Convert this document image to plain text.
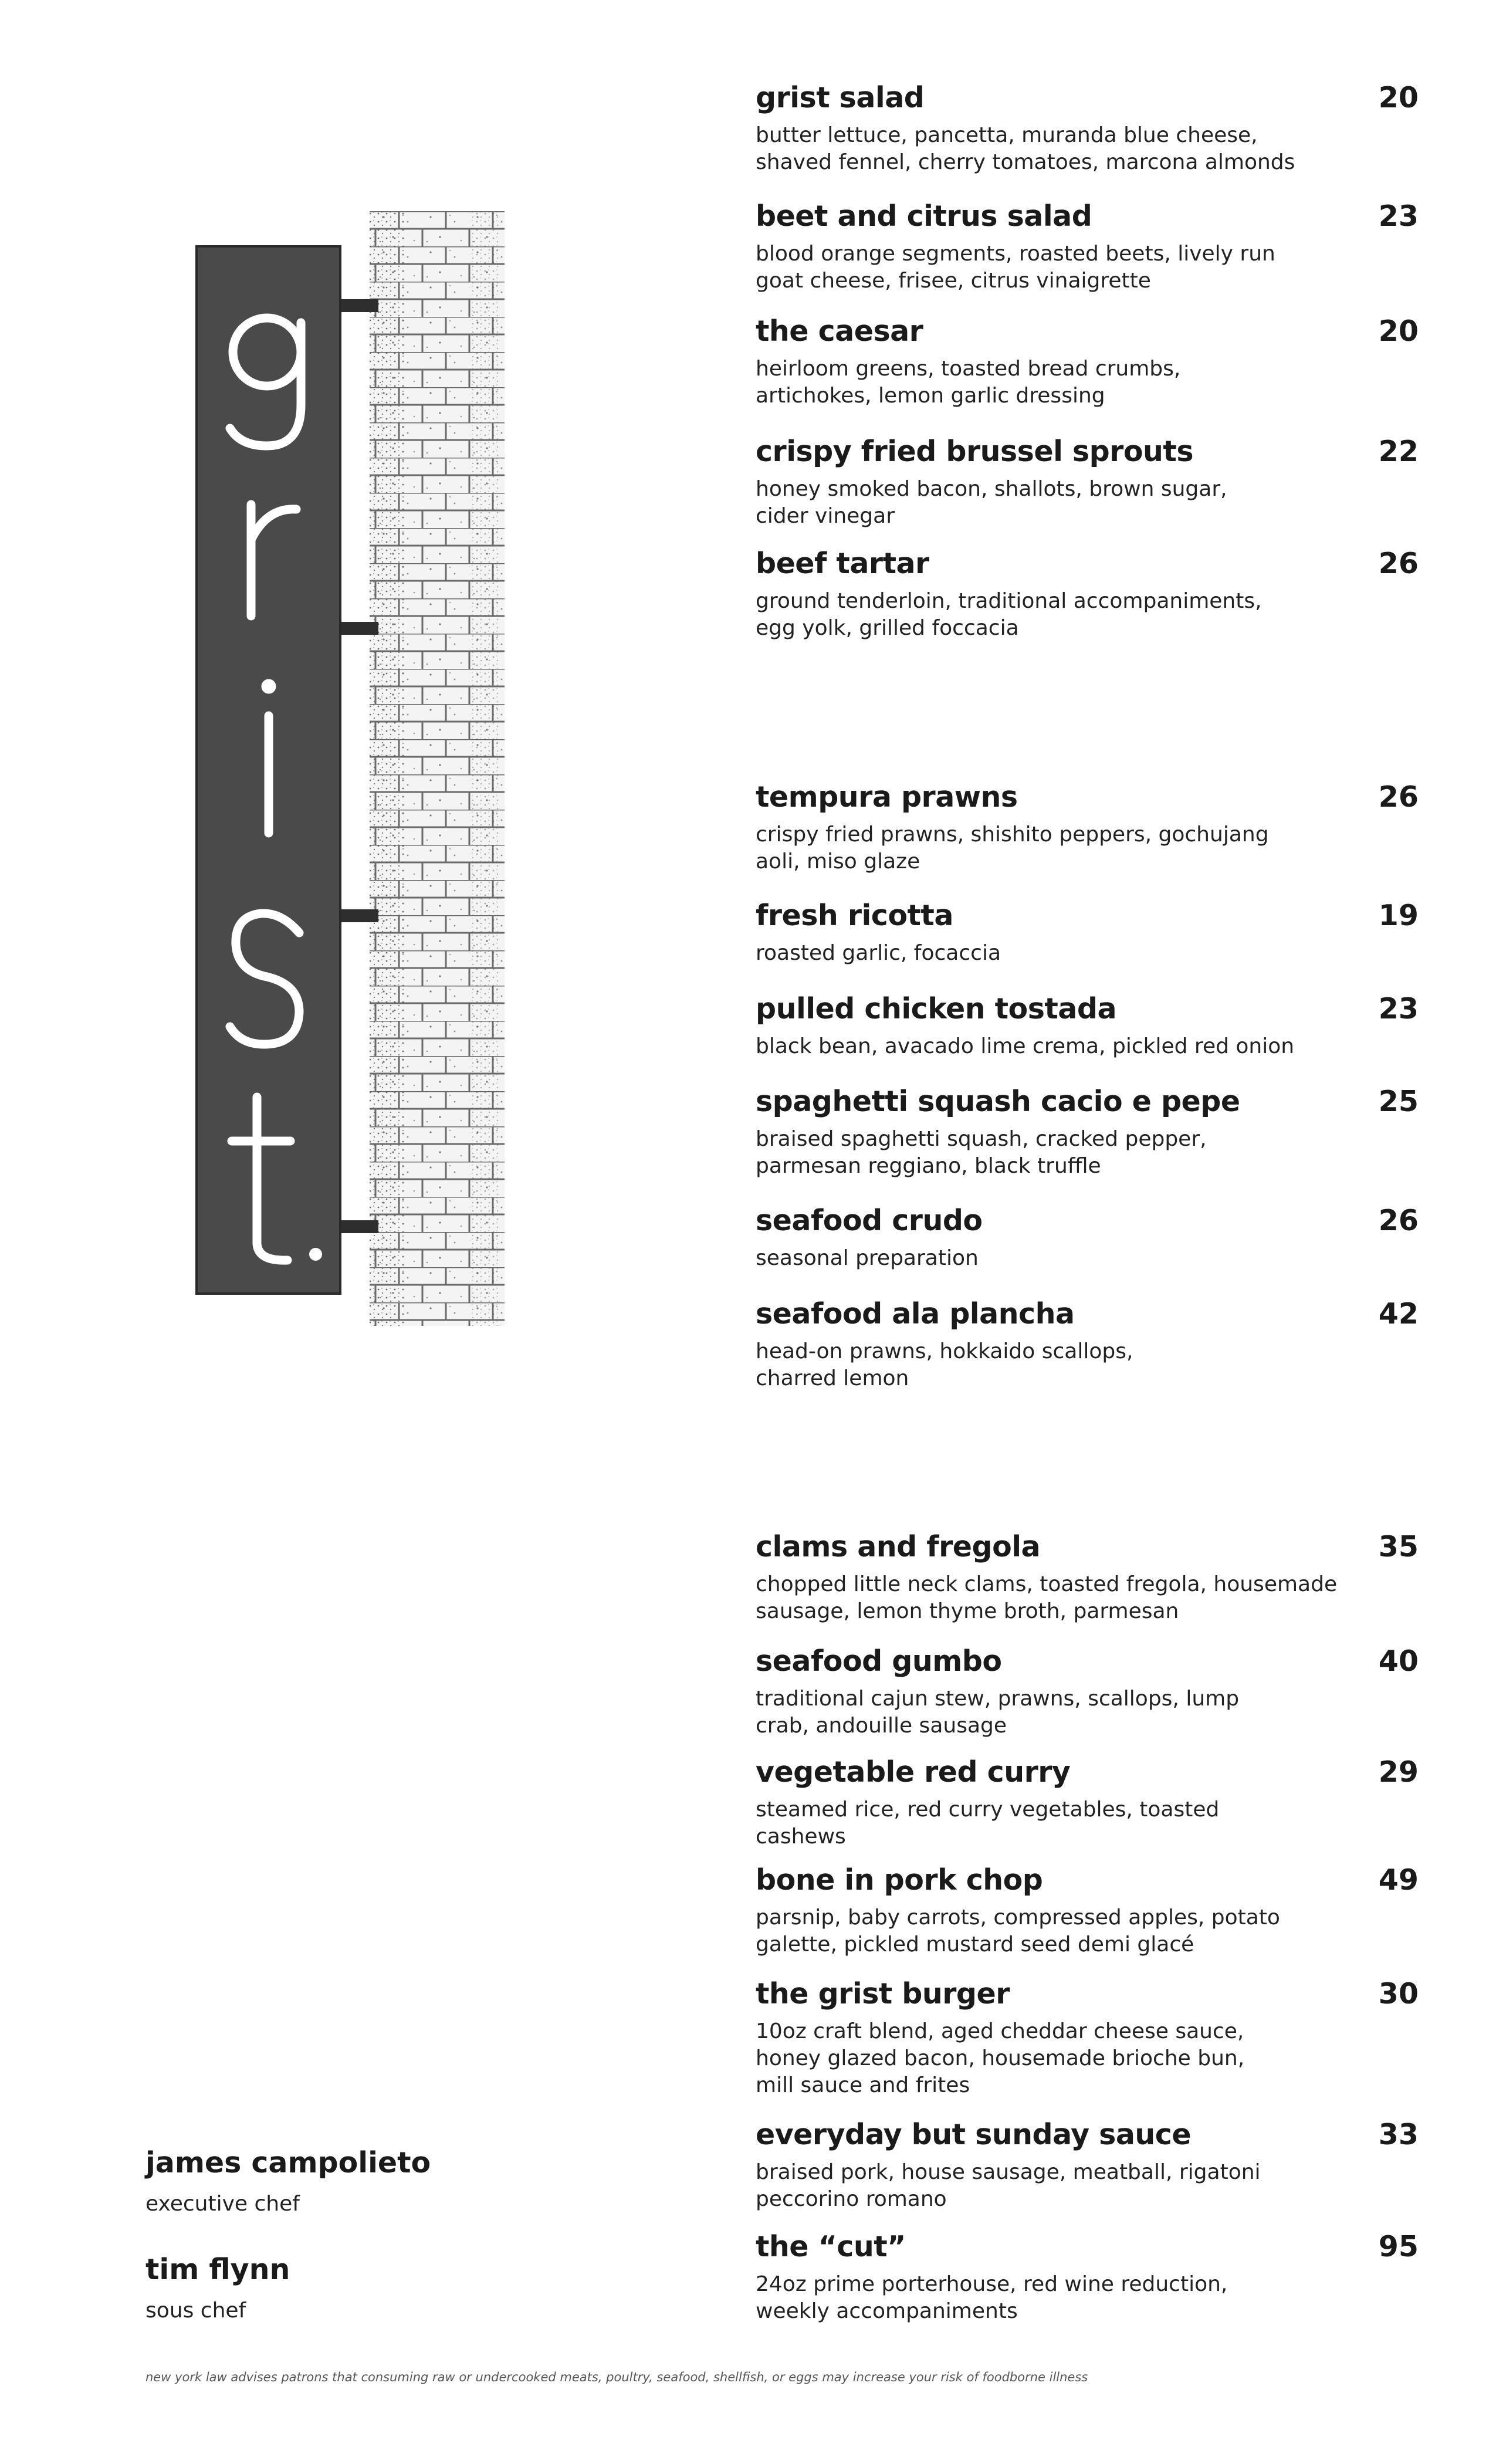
grist salad	20
butter lettuce, pancetta, muranda blue cheese,
shaved fennel, cherry tomatoes, marcona almonds
beet and citrus salad	23
blood orange segments, roasted beets, lively run
goat cheese, frisee, citrus vinaigrette
the caesar	20
heirloom greens, toasted bread crumbs,
artichokes, lemon garlic dressing
crispy fried brussel sprouts	22
honey smoked bacon, shallots, brown sugar,
cider vinegar
beef tartar	26
ground tenderloin, traditional accompaniments,
egg yolk, grilled foccacia
tempura prawns	26
crispy fried prawns, shishito peppers, gochujang
aoli, miso glaze
fresh ricotta	19
roasted garlic, focaccia
pulled chicken tostada	23
black bean, avacado lime crema, pickled red onion
spaghetti squash cacio e pepe	25
braised spaghetti squash, cracked pepper,
parmesan reggiano, black truffle
seafood crudo	26
seasonal preparation
seafood ala plancha	42
head-on prawns, hokkaido scallops,
charred lemon
clams and fregola	35
chopped little neck clams, toasted fregola, housemade
sausage, lemon thyme broth, parmesan
seafood gumbo	40
traditional cajun stew, prawns, scallops, lump
crab, andouille sausage
vegetable red curry	29
steamed rice, red curry vegetables, toasted
cashews
bone in pork chop	49
parsnip, baby carrots, compressed apples, potato
galette, pickled mustard seed demi glacé
the grist burger	30
10oz craft blend, aged cheddar cheese sauce,
honey glazed bacon, housemade brioche bun,
mill sauce and frites
everyday but sunday sauce	33
braised pork, house sausage, meatball, rigatoni
peccorino romano
the “cut”	95
24oz prime porterhouse, red wine reduction,
weekly accompaniments
james campolieto
executive chef
tim flynn
sous chef
new york law advises patrons that consuming raw or undercooked meats, poultry, seafood, shellfish, or eggs may increase your risk of foodborne illness
